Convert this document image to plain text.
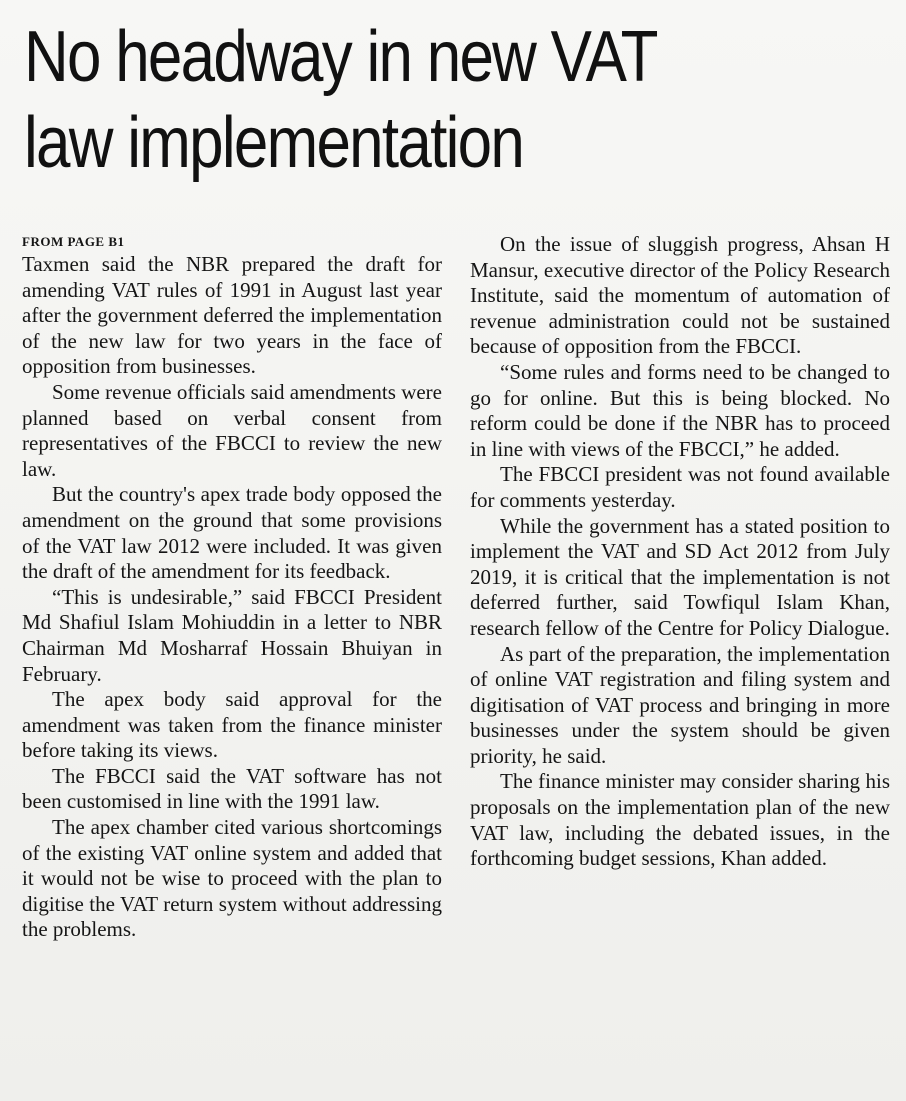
No headway in new VAT
law implementation
FROM PAGE B1

Taxmen said the NBR prepared the draft for amending VAT rules of 1991 in August last year after the government deferred the implementation of the new law for two years in the face of opposition from businesses.

Some revenue officials said amendments were planned based on verbal consent from representatives of the FBCCI to review the new law.

But the country's apex trade body opposed the amendment on the ground that some provisions of the VAT law 2012 were included. It was given the draft of the amendment for its feedback.

“This is undesirable,” said FBCCI President Md Shafiul Islam Mohiuddin in a letter to NBR Chairman Md Mosharraf Hossain Bhuiyan in February.

The apex body said approval for the amendment was taken from the finance minister before taking its views.

The FBCCI said the VAT software has not been customised in line with the 1991 law.

The apex chamber cited various shortcomings of the existing VAT online system and added that it would not be wise to proceed with the plan to digitise the VAT return system without addressing the problems.

On the issue of sluggish progress, Ahsan H Mansur, executive director of the Policy Research Institute, said the momentum of automation of revenue administration could not be sustained because of opposition from the FBCCI.

“Some rules and forms need to be changed to go for online. But this is being blocked. No reform could be done if the NBR has to proceed in line with views of the FBCCI,” he added.

The FBCCI president was not found available for comments yesterday.

While the government has a stated position to implement the VAT and SD Act 2012 from July 2019, it is critical that the implementation is not deferred further, said Towfiqul Islam Khan, research fellow of the Centre for Policy Dialogue.

As part of the preparation, the implementation of online VAT registration and filing system and digitisation of VAT process and bringing in more businesses under the system should be given priority, he said.

The finance minister may consider sharing his proposals on the implementation plan of the new VAT law, including the debated issues, in the forthcoming budget sessions, Khan added.
